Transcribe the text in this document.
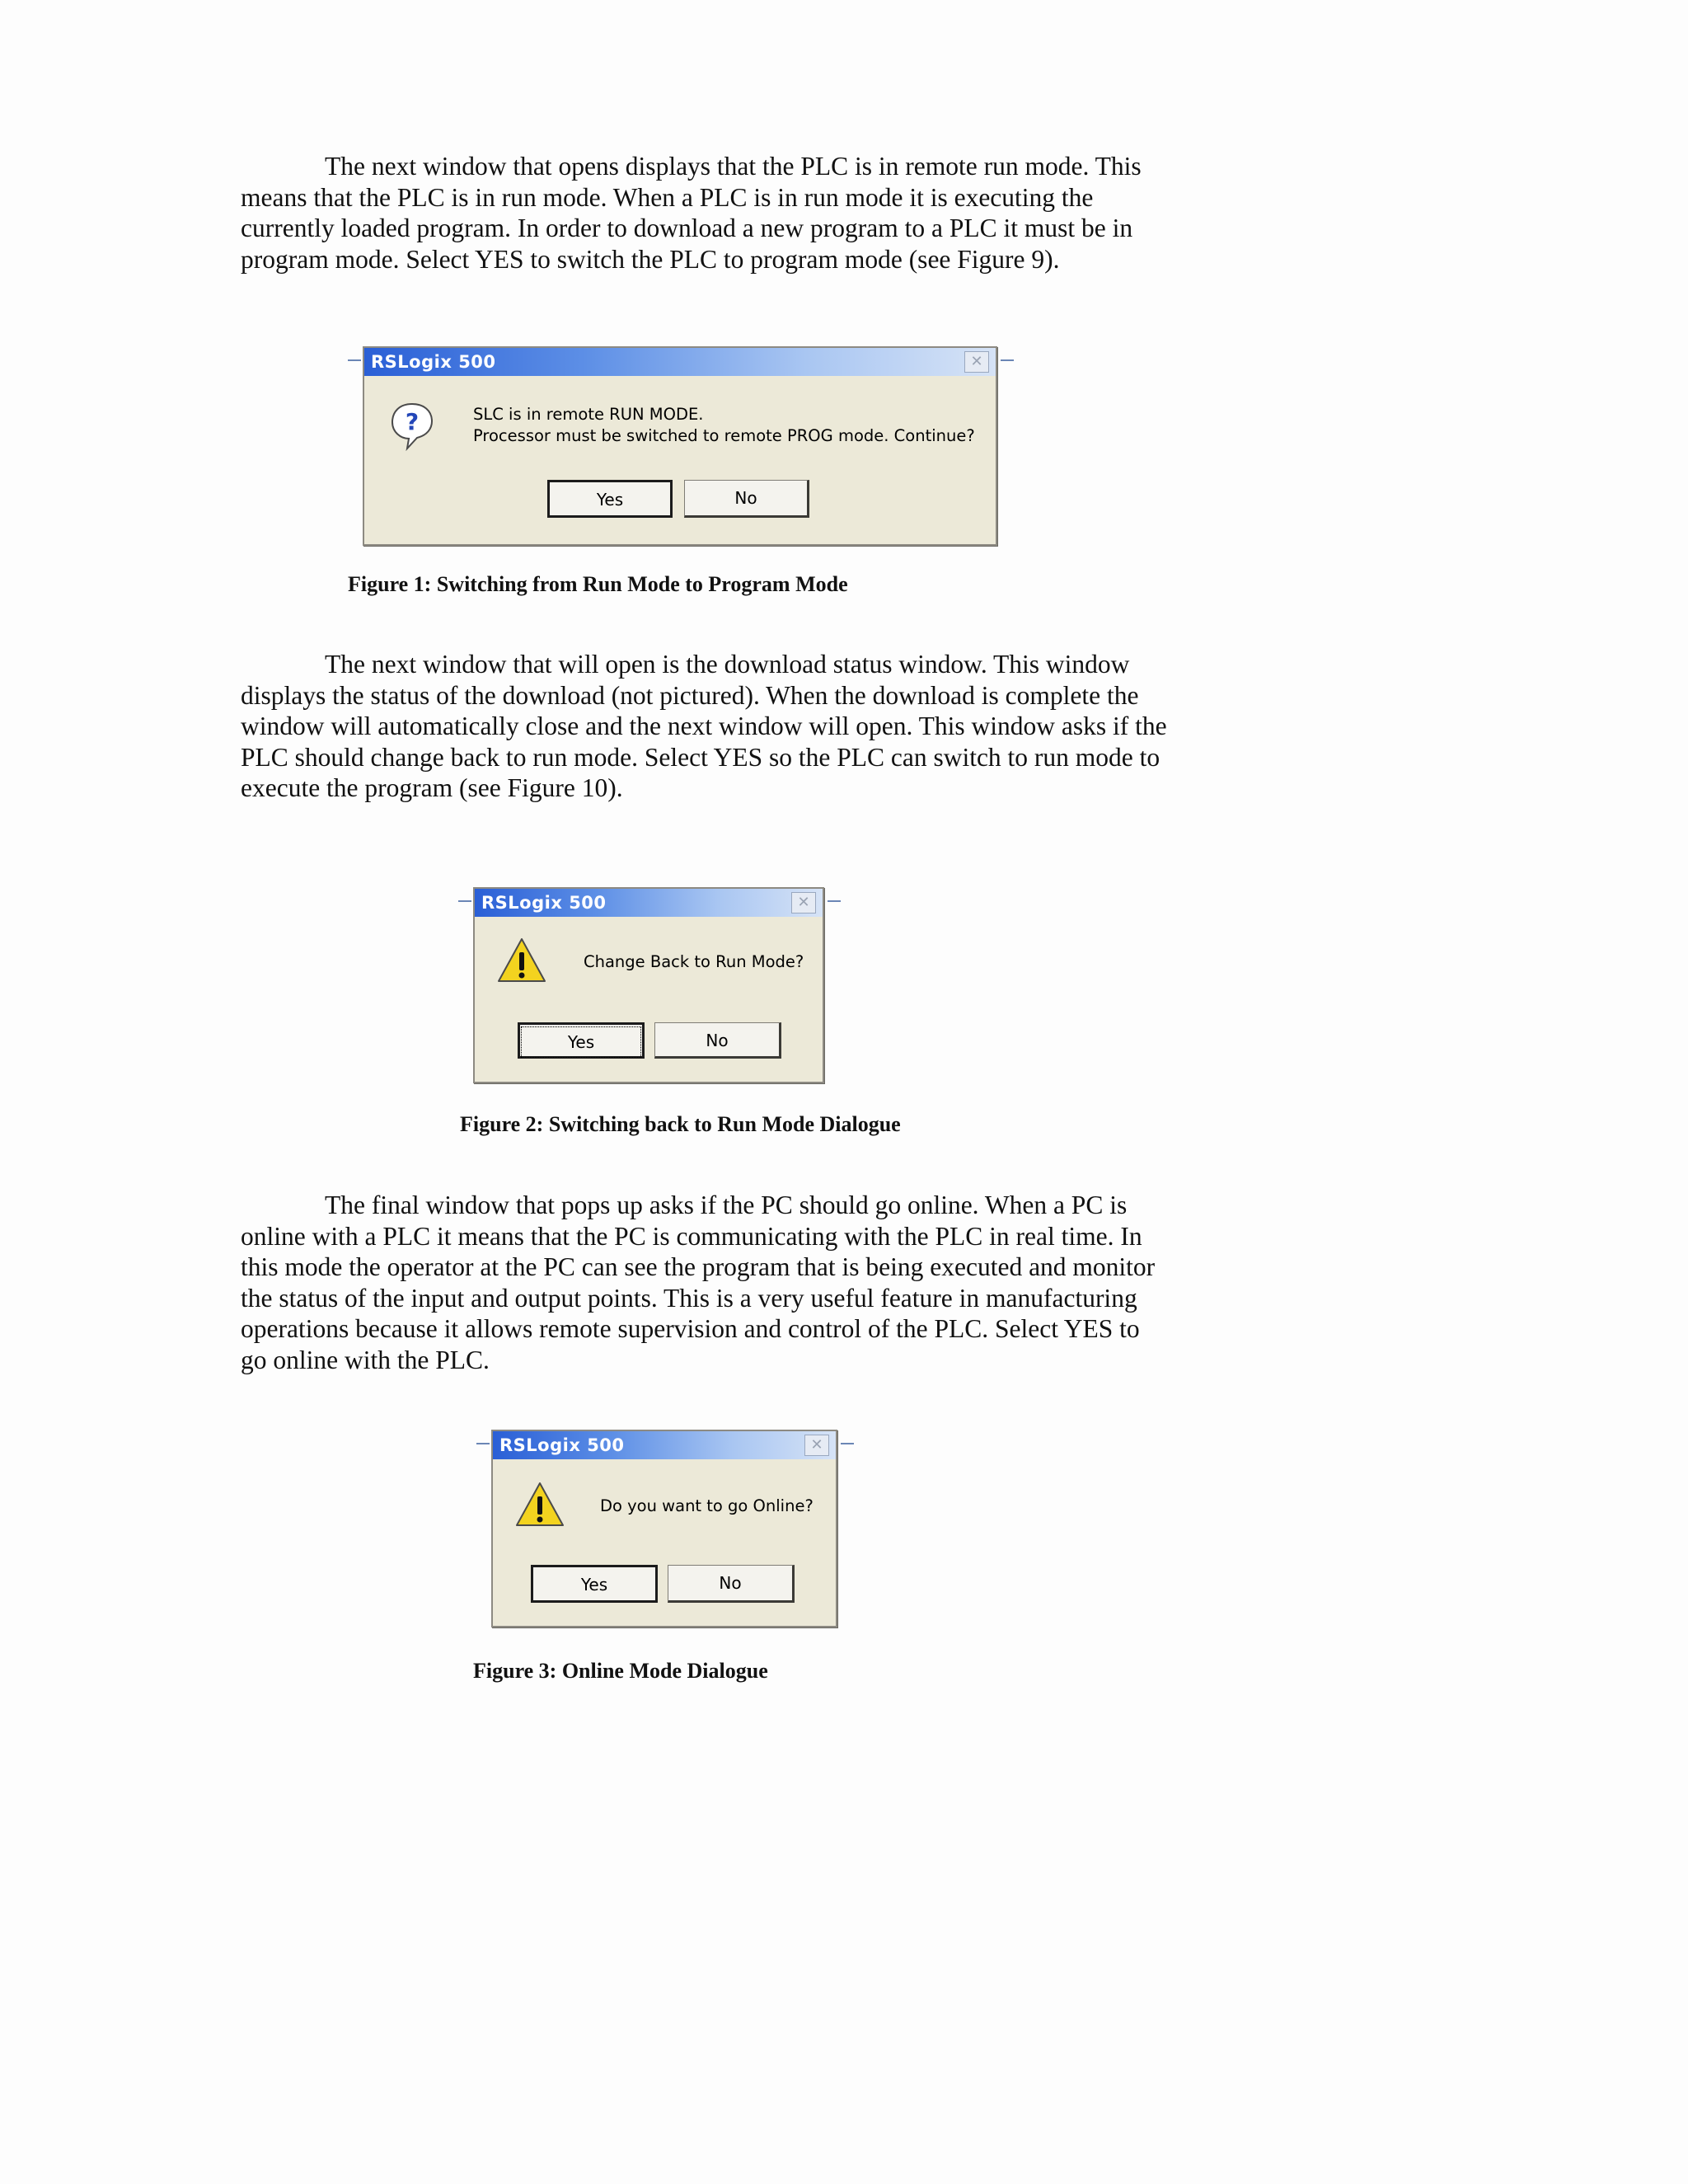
The next window that opens displays that the PLC is in remote run mode. This
means that the PLC is in run mode. When a PLC is in run mode it is executing the
currently loaded program. In order to download a new program to a PLC it must be in
program mode. Select YES to switch the PLC to program mode (see Figure 9).

RSLogix 500	✕
?	SLC is in remote RUN MODE.
Processor must be switched to remote PROG mode. Continue?
Yes	No

Figure 1: Switching from Run Mode to Program Mode

The next window that will open is the download status window. This window
displays the status of the download (not pictured). When the download is complete the
window will automatically close and the next window will open. This window asks if the
PLC should change back to run mode. Select YES so the PLC can switch to run mode to
execute the program (see Figure 10).

RSLogix 500	✕
Change Back to Run Mode?
Yes	No

Figure 2: Switching back to Run Mode Dialogue

The final window that pops up asks if the PC should go online. When a PC is
online with a PLC it means that the PC is communicating with the PLC in real time. In
this mode the operator at the PC can see the program that is being executed and monitor
the status of the input and output points. This is a very useful feature in manufacturing
operations because it allows remote supervision and control of the PLC. Select YES to
go online with the PLC.

RSLogix 500	✕
Do you want to go Online?
Yes	No

Figure 3: Online Mode Dialogue
